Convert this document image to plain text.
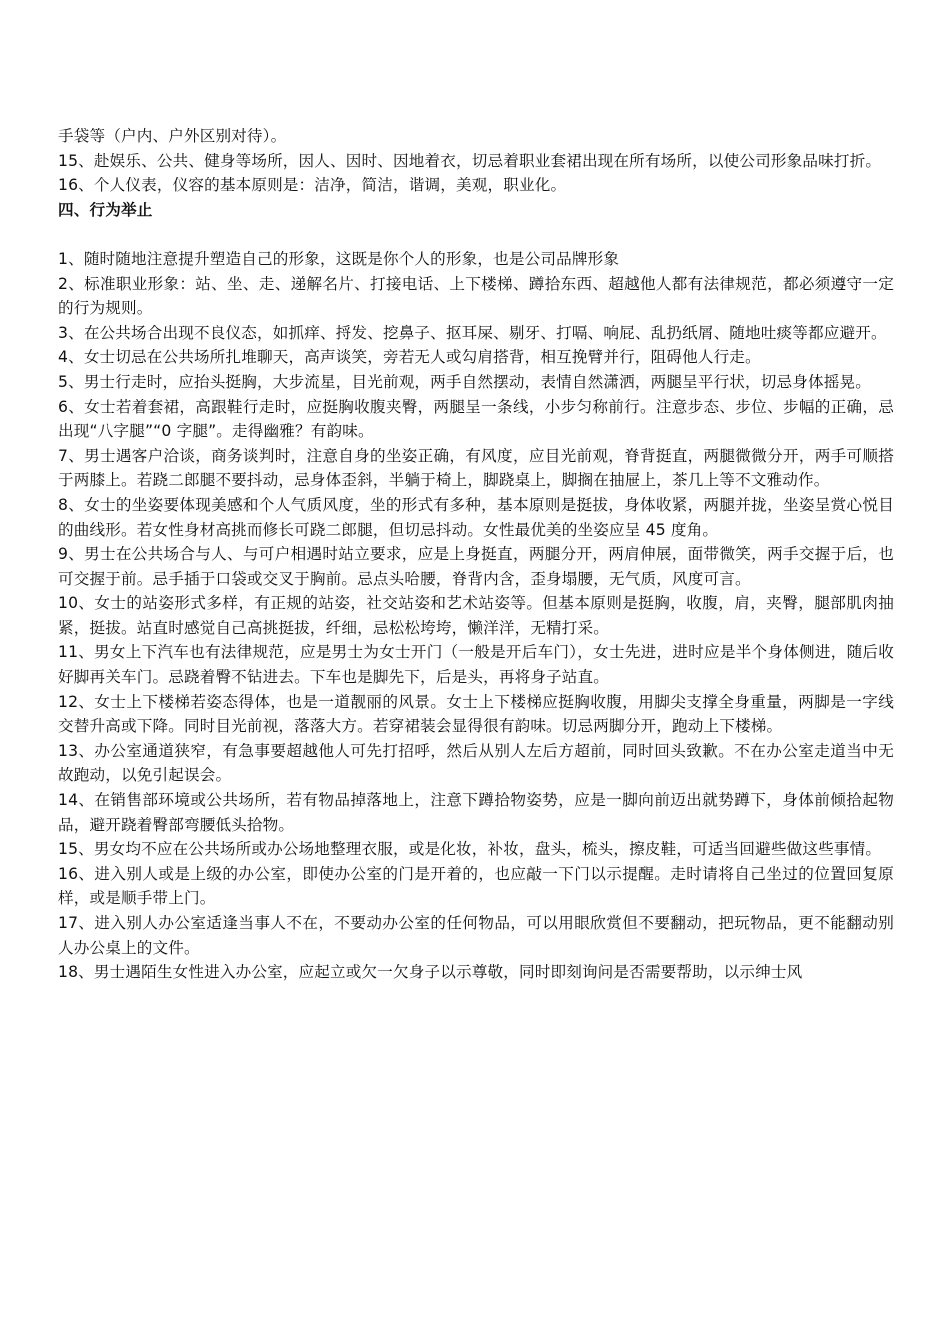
手袋等（户内、户外区别对待）。

15、赴娱乐、公共、健身等场所，因人、因时、因地着衣，切忌着职业套裙出现在所有场所，以使公司形象品味打折。

16、个人仪表，仪容的基本原则是：洁净，简洁，谐调，美观，职业化。

四、行为举止

1、随时随地注意提升塑造自己的形象，这既是你个人的形象，也是公司品牌形象

2、标准职业形象：站、坐、走、递解名片、打接电话、上下楼梯、蹲拾东西、超越他人都有法律规范，都必须遵守一定的行为规则。

3、在公共场合出现不良仪态，如抓痒、捋发、挖鼻子、抠耳屎、剔牙、打嗝、响屁、乱扔纸屑、随地吐痰等都应避开。

4、女士切忌在公共场所扎堆聊天，高声谈笑，旁若无人或勾肩搭背，相互挽臂并行，阻碍他人行走。

5、男士行走时，应抬头挺胸，大步流星，目光前观，两手自然摆动，表情自然潇洒，两腿呈平行状，切忌身体摇晃。

6、女士若着套裙，高跟鞋行走时，应挺胸收腹夹臀，两腿呈一条线，小步匀称前行。注意步态、步位、步幅的正确，忌出现“八字腿”“0 字腿”。走得幽雅？有韵味。

7、男士遇客户洽谈，商务谈判时，注意自身的坐姿正确，有风度，应目光前观，脊背挺直，两腿微微分开，两手可顺搭于两膝上。若跷二郎腿不要抖动，忌身体歪斜，半躺于椅上，脚跷桌上，脚搁在抽屉上，茶几上等不文雅动作。

8、女士的坐姿要体现美感和个人气质风度，坐的形式有多种，基本原则是挺拔，身体收紧，两腿并拢，坐姿呈赏心悦目的曲线形。若女性身材高挑而修长可跷二郎腿，但切忌抖动。女性最优美的坐姿应呈 45 度角。

9、男士在公共场合与人、与可户相遇时站立要求，应是上身挺直，两腿分开，两肩伸展，面带微笑，两手交握于后，也可交握于前。忌手插于口袋或交叉于胸前。忌点头哈腰，脊背内含，歪身塌腰，无气质，风度可言。

10、女士的站姿形式多样，有正规的站姿，社交站姿和艺术站姿等。但基本原则是挺胸，收腹，肩，夹臀，腿部肌肉抽紧，挺拔。站直时感觉自己高挑挺拔，纤细，忌松松垮垮，懒洋洋，无精打采。

11、男女上下汽车也有法律规范，应是男士为女士开门（一般是开后车门），女士先进，进时应是半个身体侧进，随后收好脚再关车门。忌跷着臀不钻进去。下车也是脚先下，后是头，再将身子站直。

12、女士上下楼梯若姿态得体，也是一道靓丽的风景。女士上下楼梯应挺胸收腹，用脚尖支撑全身重量，两脚是一字线交替升高或下降。同时目光前视，落落大方。若穿裙装会显得很有韵味。切忌两脚分开，跑动上下楼梯。

13、办公室通道狭窄，有急事要超越他人可先打招呼，然后从别人左后方超前，同时回头致歉。不在办公室走道当中无故跑动，以免引起误会。

14、在销售部环境或公共场所，若有物品掉落地上，注意下蹲拾物姿势，应是一脚向前迈出就势蹲下，身体前倾拾起物品，避开跷着臀部弯腰低头拾物。

15、男女均不应在公共场所或办公场地整理衣服，或是化妆，补妆，盘头，梳头，擦皮鞋，可适当回避些做这些事情。

16、进入别人或是上级的办公室，即使办公室的门是开着的，也应敲一下门以示提醒。走时请将自己坐过的位置回复原样，或是顺手带上门。

17、进入别人办公室适逢当事人不在，不要动办公室的任何物品，可以用眼欣赏但不要翻动，把玩物品，更不能翻动别人办公桌上的文件。

18、男士遇陌生女性进入办公室，应起立或欠一欠身子以示尊敬，同时即刻询问是否需要帮助，以示绅士风
